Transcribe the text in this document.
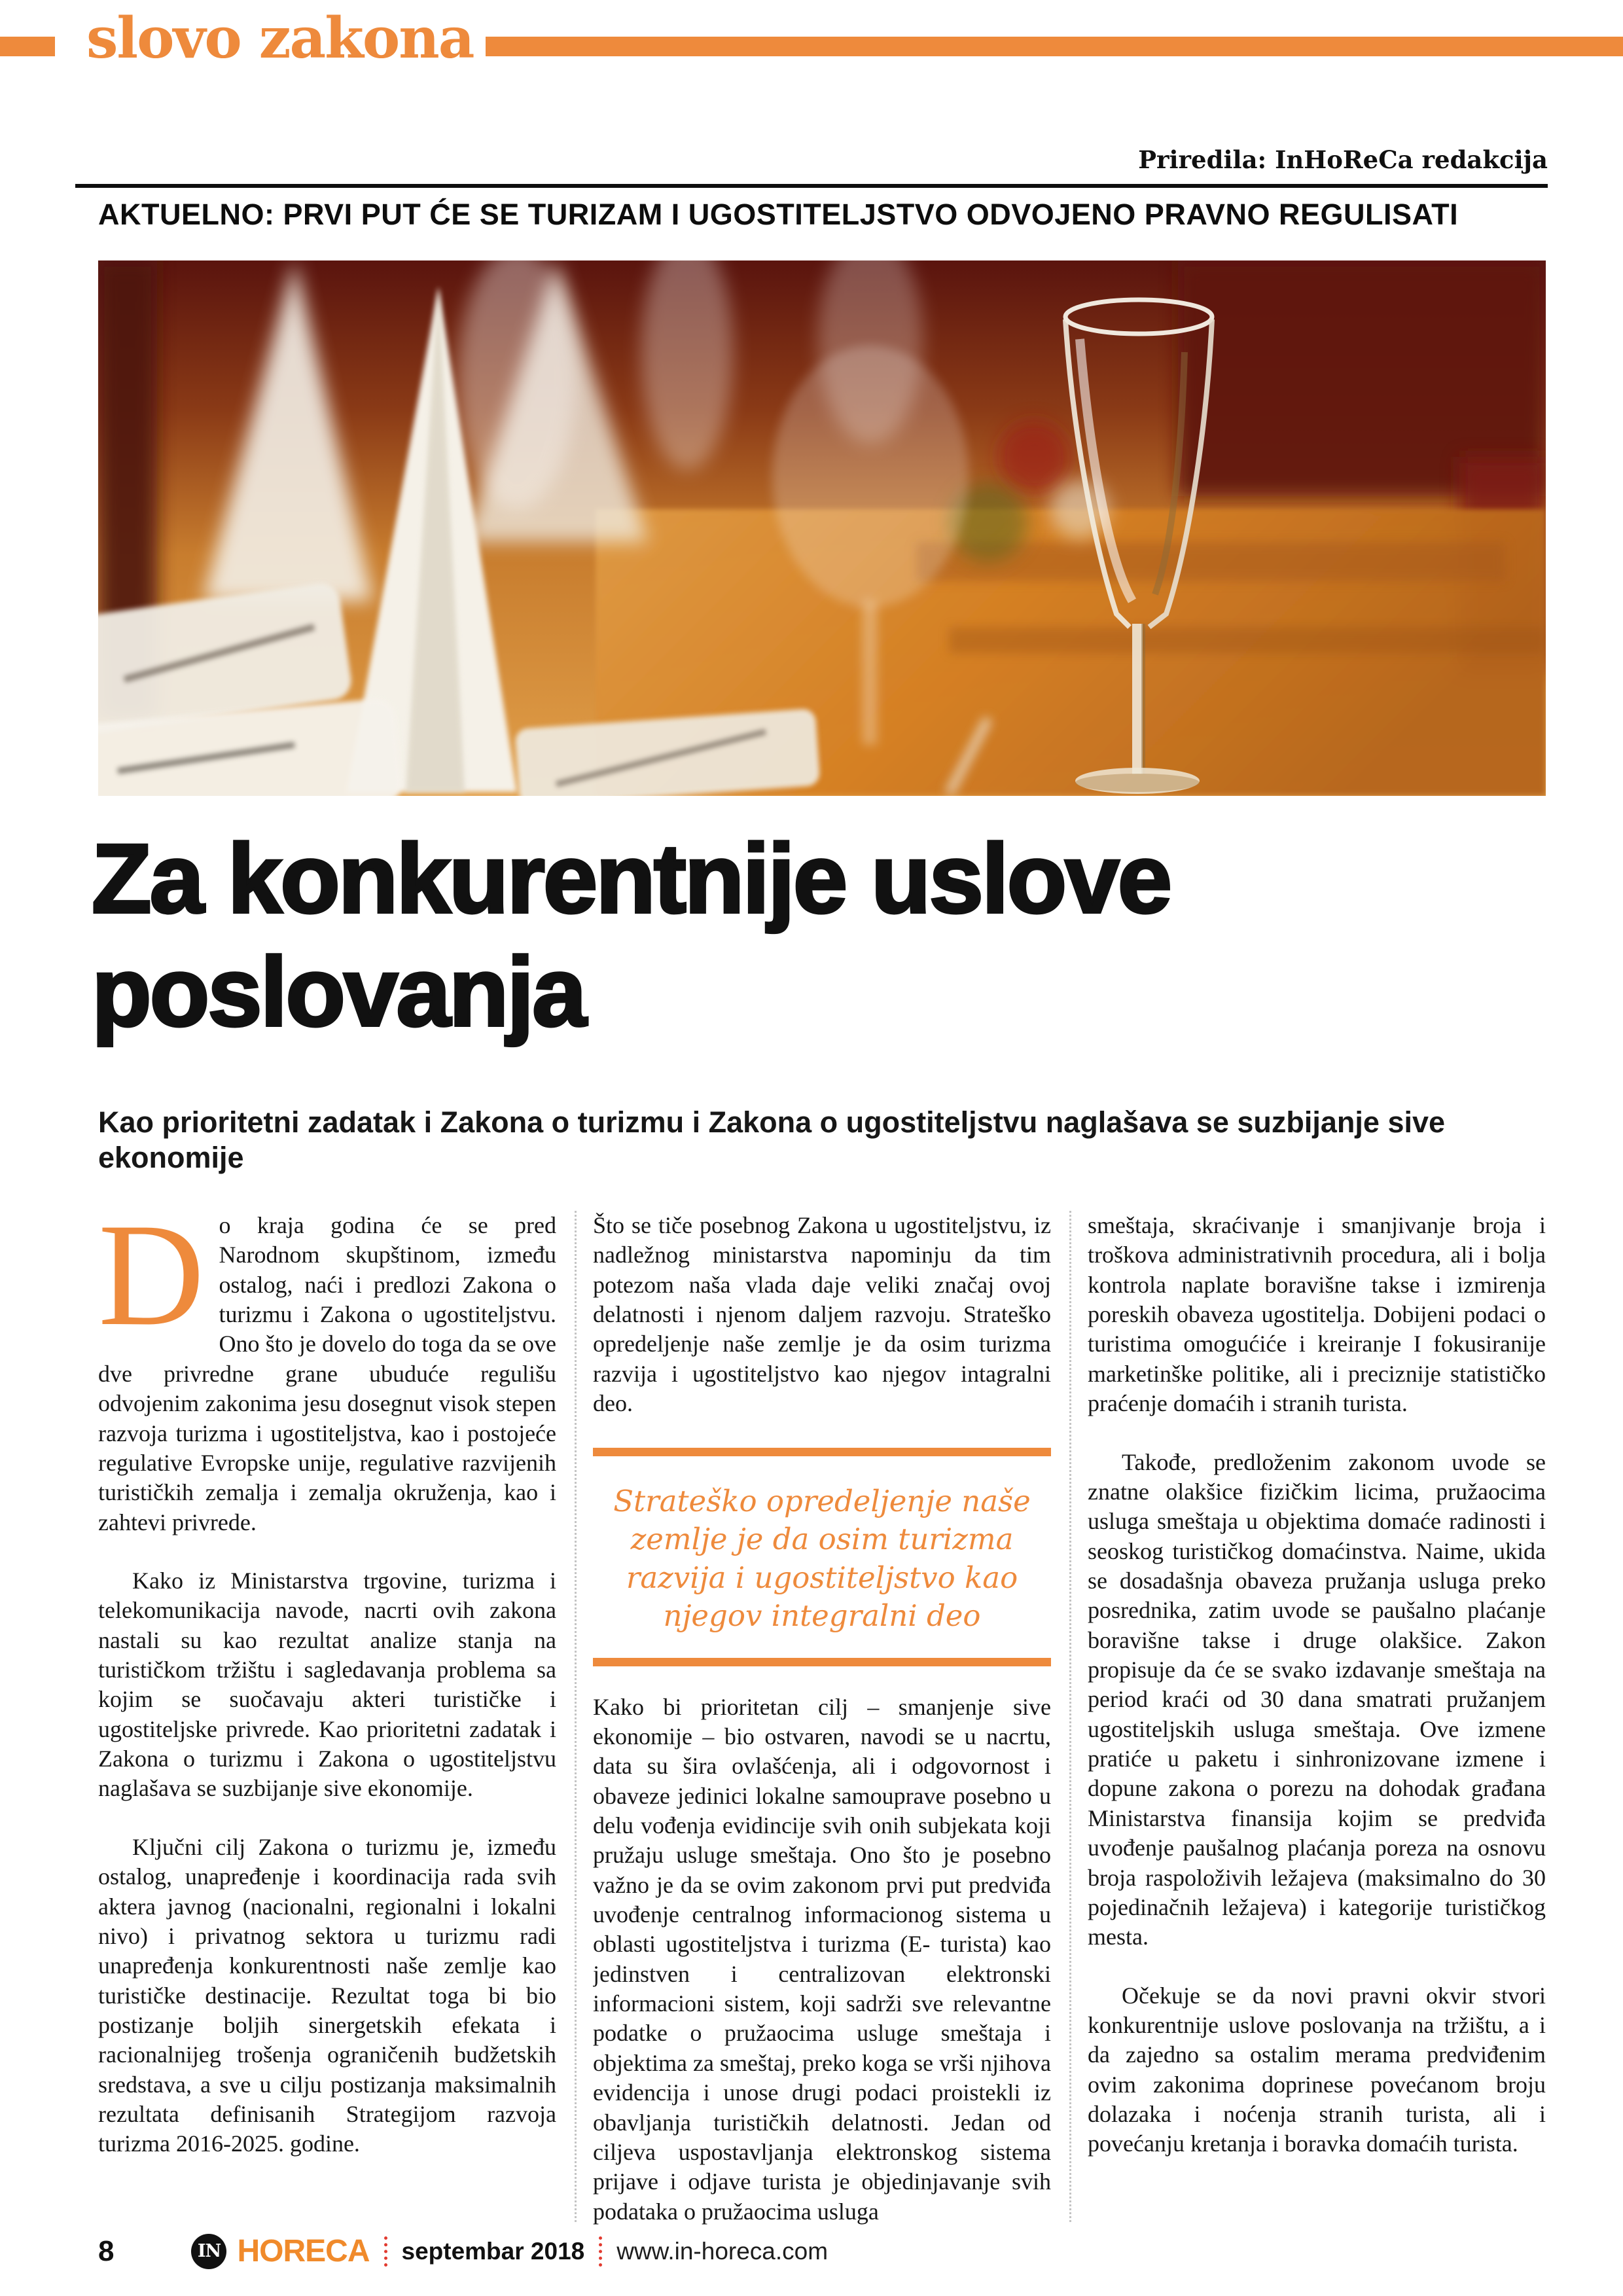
slovo zakona
Priredila: InHoReCa redakcija
AKTUELNO: PRVI PUT ĆE SE TURIZAM I UGOSTITELJSTVO ODVOJENO PRAVNO REGULISATI
Za konkurentnije uslove
poslovanja
Kao prioritetni zadatak i Zakona o turizmu i Zakona o ugostiteljstvu naglašava se suzbijanje sive ekonomije

Do kraja godina će se pred Narodnom skupštinom, između ostalog, naći i predlozi Zakona o turizmu i Zakona o ugostiteljstvu. Ono što je dovelo do toga da se ove dve privredne grane ubuduće regulišu odvojenim zakonima jesu dosegnut visok stepen razvoja turizma i ugostiteljstva, kao i postojeće regulative Evropske unije, regulative razvijenih turističkih zemalja i zemalja okruženja, kao i zahtevi privrede.

Kako iz Ministarstva trgovine, turizma i telekomunikacija navode, nacrti ovih zakona nastali su kao rezultat analize stanja na turističkom tržištu i sagledavanja problema sa kojim se suočavaju akteri turističke i ugostiteljske privrede. Kao prioritetni zadatak i Zakona o turizmu i Zakona o ugostiteljstvu naglašava se suzbijanje sive ekonomije.

Ključni cilj Zakona o turizmu je, između ostalog, unapređenje i koordinacija rada svih aktera javnog (nacionalni, regionalni i lokalni nivo) i privatnog sektora u turizmu radi unapređenja konkurentnosti naše zemlje kao turističke destinacije. Rezultat toga bi bio postizanje boljih sinergetskih efekata i racionalnijeg trošenja ograničenih budžetskih sredstava, a sve u cilju postizanja maksimalnih rezultata definisanih Strategijom razvoja turizma 2016-2025. godine.

Što se tiče posebnog Zakona u ugostiteljstvu, iz nadležnog ministarstva napominju da tim potezom naša vlada daje veliki značaj ovoj delatnosti i njenom daljem razvoju. Strateško opredeljenje naše zemlje je da osim turizma razvija i ugostiteljstvo kao njegov intagralni deo.

Strateško opredeljenje naše zemlje je da osim turizma razvija i ugostiteljstvo kao njegov integralni deo

Kako bi prioritetan cilj – smanjenje sive ekonomije – bio ostvaren, navodi se u nacrtu, data su šira ovlašćenja, ali i odgovornost i obaveze jedinici lokalne samouprave posebno u delu vođenja evidincije svih onih subjekata koji pružaju usluge smeštaja. Ono što je posebno važno je da se ovim zakonom prvi put predviđa uvođenje centralnog informacionog sistema u oblasti ugostiteljstva i turizma (E- turista) kao jedinstven i centralizovan elektronski informacioni sistem, koji sadrži sve relevantne podatke o pružaocima usluge smeštaja i objektima za smeštaj, preko koga se vrši njihova evidencija i unose drugi podaci proistekli iz obavljanja turističkih delatnosti. Jedan od ciljeva uspostavljanja elektronskog sistema prijave i odjave turista je objedinjavanje svih podataka o pružaocima usluga

smeštaja, skraćivanje i smanjivanje broja i troškova administrativnih procedura, ali i bolja kontrola naplate boravišne takse i izmirenja poreskih obaveza ugostitelja. Dobijeni podaci o turistima omogućiće i kreiranje I fokusiranije marketinške politike, ali i preciznije statističko praćenje domaćih i stranih turista.

Takođe, predloženim zakonom uvode se znatne olakšice fizičkim licima, pružaocima usluga smeštaja u objektima domaće radinosti i seoskog turističkog domaćinstva. Naime, ukida se dosadašnja obaveza pružanja usluga preko posrednika, zatim uvode se paušalno plaćanje boravišne takse i druge olakšice. Zakon propisuje da će se svako izdavanje smeštaja na period kraći od 30 dana smatrati pružanjem ugostiteljskih usluga smeštaja. Ove izmene pratiće u paketu i sinhronizovane izmene i dopune zakona o porezu na dohodak građana Ministarstva finansija kojim se predviđa uvođenje paušalnog plaćanja poreza na osnovu broja raspoloživih ležajeva (maksimalno do 30 pojedinačnih ležajeva) i kategorije turističkog mesta.

Očekuje se da novi pravni okvir stvori konkurentnije uslove poslovanja na tržištu, a i da zajedno sa ostalim merama predviđenim ovim zakonima doprinese povećanom broju dolazaka i noćenja stranih turista, ali i povećanju kretanja i boravka domaćih turista.

8	IN HORECA septembar 2018 www.in-horeca.com
